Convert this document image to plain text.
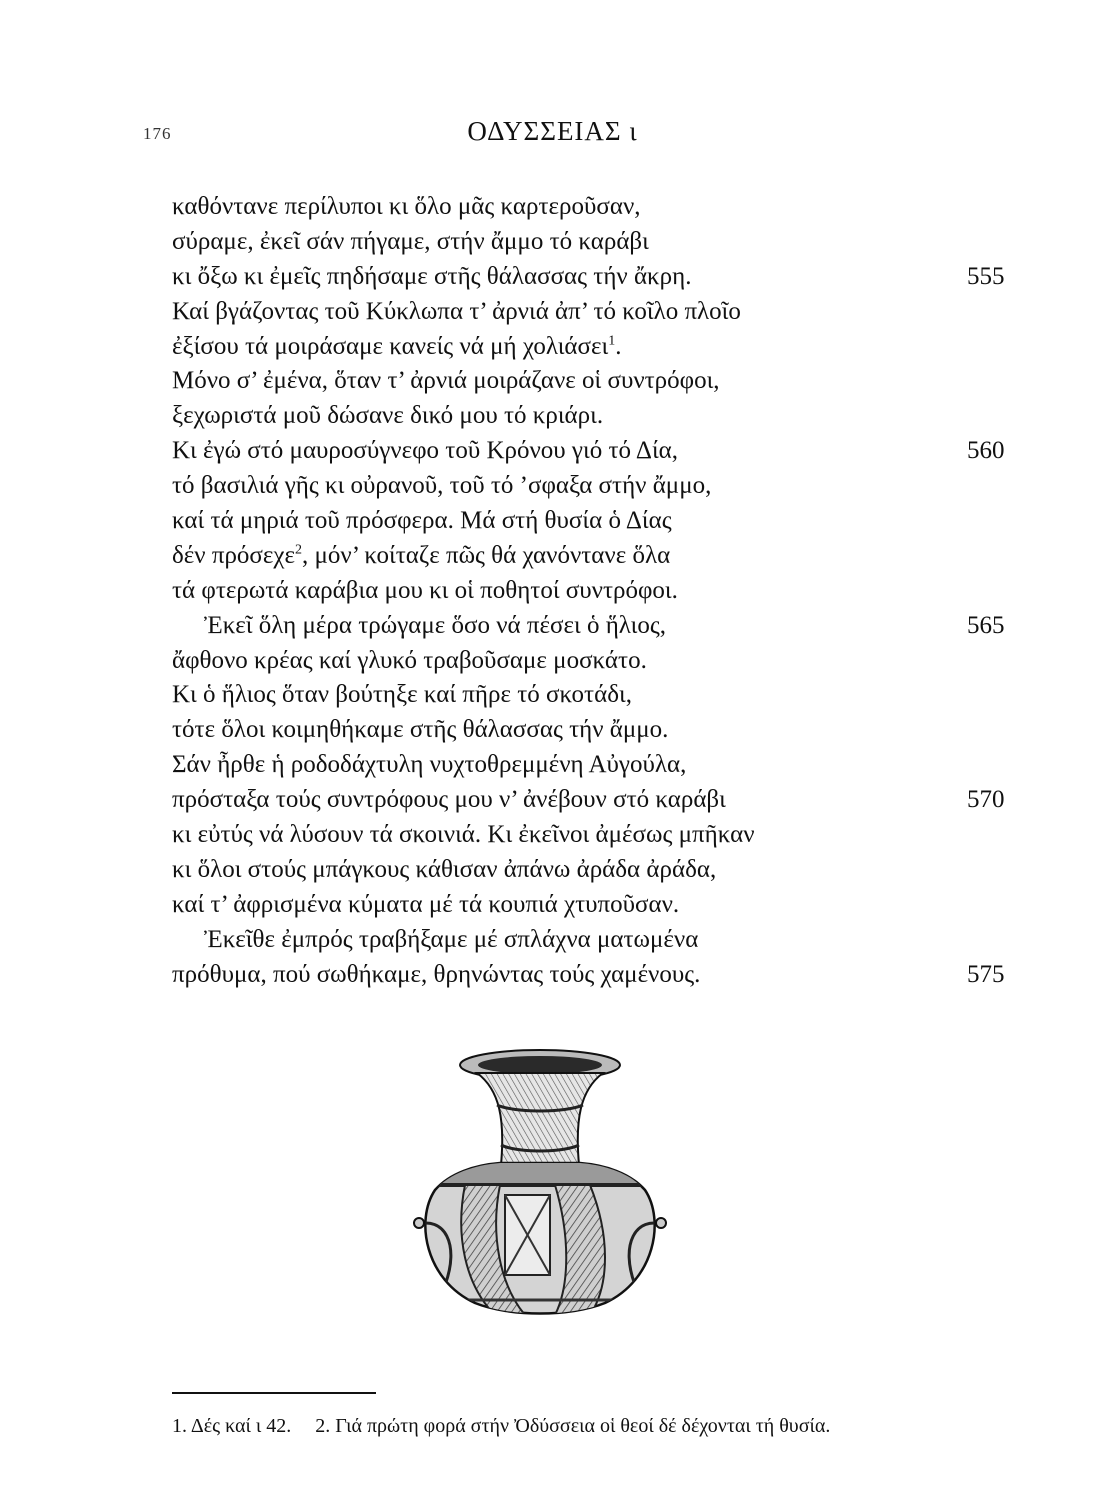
176	ΟΔΥΣΣΕΙΑΣ ι
καθόντανε περίλυποι κι ὅλο μᾶς καρτεροῦσαν,
σύραμε, ἐκεῖ σάν πήγαμε, στήν ἄμμο τό καράβι
κι ὄξω κι ἐμεῖς πηδήσαμε στῆς θάλασσας τήν ἄκρη.	555
Καί βγάζοντας τοῦ Κύκλωπα τ’ ἀρνιά ἀπ’ τό κοῖλο πλοῖο
ἐξίσου τά μοιράσαμε κανείς νά μή χολιάσει$^1$.
Μόνο σ’ ἐμένα, ὅταν τ’ ἀρνιά μοιράζανε οἱ συντρόφοι,
ξεχωριστά μοῦ δώσανε δικό μου τό κριάρι.
Κι ἐγώ στό μαυροσύγνεφο τοῦ Κρόνου γιό τό Δία,	560
τό βασιλιά γῆς κι οὐρανοῦ, τοῦ τό ’σφαξα στήν ἄμμο,
καί τά μηριά τοῦ πρόσφερα. Μά στή θυσία ὁ Δίας
δέν πρόσεχε$^2$, μόν’ κοίταζε πῶς θά χανόντανε ὅλα
τά φτερωτά καράβια μου κι οἱ ποθητοί συντρόφοι.
Ἐκεῖ ὅλη μέρα τρώγαμε ὅσο νά πέσει ὁ ἥλιος,	565
ἄφθονο κρέας καί γλυκό τραβοῦσαμε μοσκάτο.
Κι ὁ ἥλιος ὅταν βούτηξε καί πῆρε τό σκοτάδι,
τότε ὅλοι κοιμηθήκαμε στῆς θάλασσας τήν ἄμμο.
Σάν ἦρθε ἡ ροδοδάχτυλη νυχτοθρεμμένη Αὐγούλα,
πρόσταξα τούς συντρόφους μου ν’ ἀνέβουν στό καράβι	570
κι εὐτύς νά λύσουν τά σκοινιά. Κι ἐκεῖνοι ἀμέσως μπῆκαν
κι ὅλοι στούς μπάγκους κάθισαν ἀπάνω ἀράδα ἀράδα,
καί τ’ ἀφρισμένα κύματα μέ τά κουπιά χτυποῦσαν.
Ἐκεῖθε ἐμπρός τραβήξαμε μέ σπλάχνα ματωμένα
πρόθυμα, πού σωθήκαμε, θρηνώντας τούς χαμένους.	575
1. Δές καί ι 42. 2. Γιά πρώτη φορά στήν Ὀδύσσεια οἱ θεοί δέ δέχονται τή θυσία.
